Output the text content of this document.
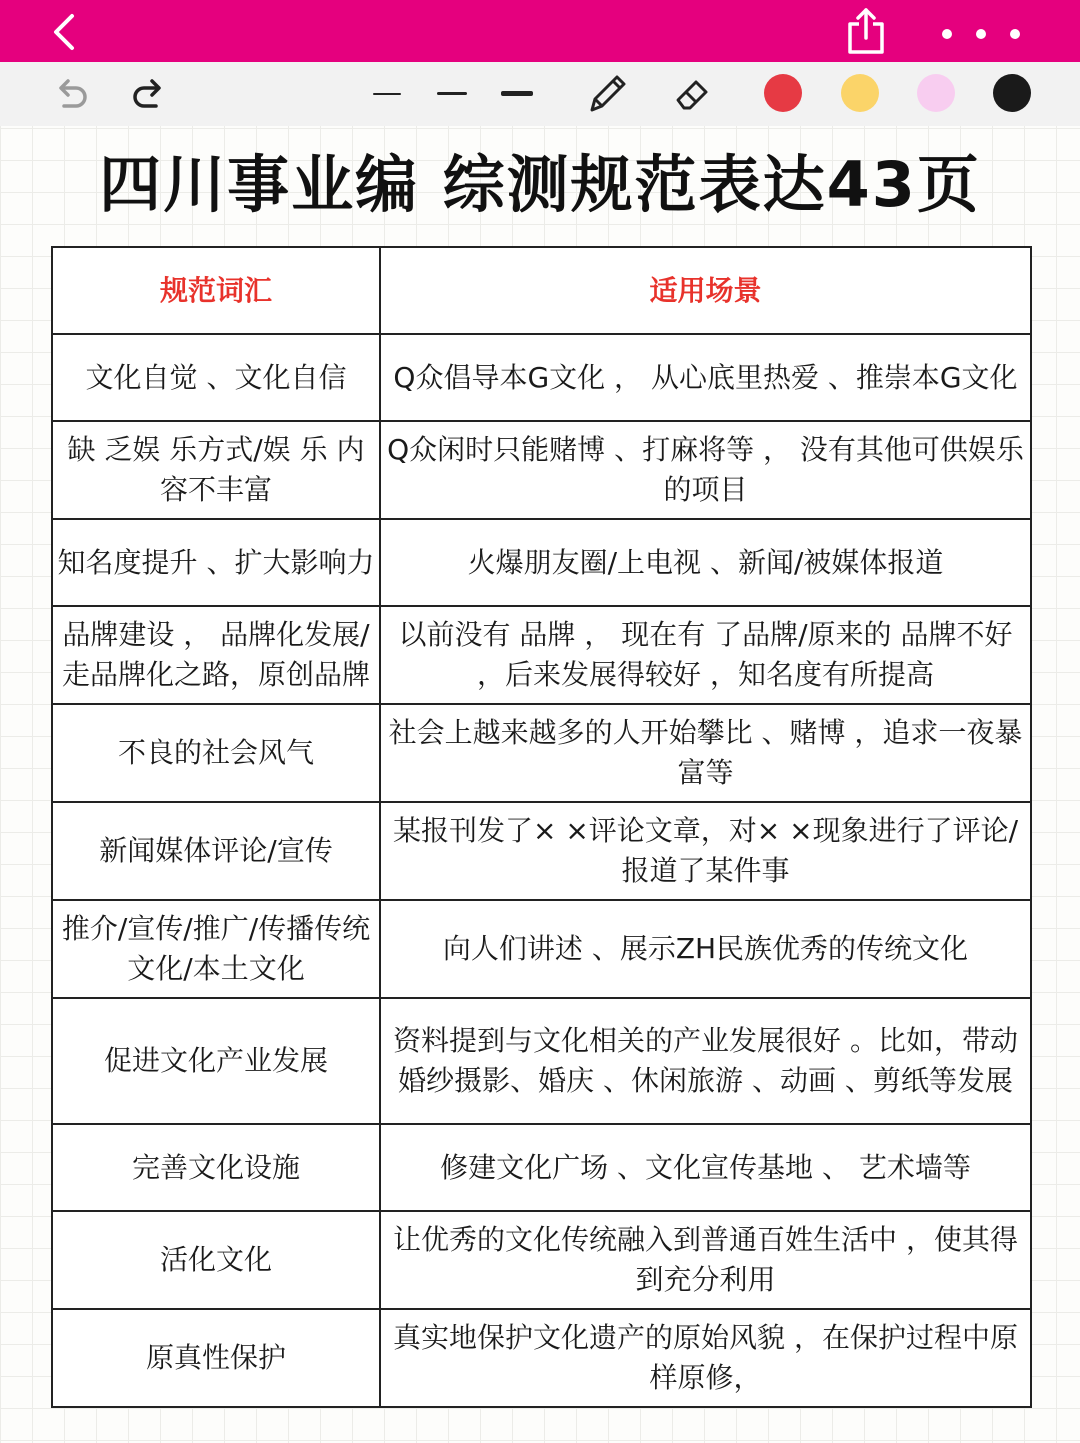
四川事业编 综测规范表达43页
规范词汇	适用场景
文化自觉 、文化自信	Q众倡导本G文化 ， 从心底里热爱 、推崇本G文化
缺 乏娱 乐方式/娱 乐 内容不丰富	Q众闲时只能赌博 、打麻将等 ， 没有其他可供娱乐的项目
知名度提升 、扩大影响力	火爆朋友圈/上电视 、新闻/被媒体报道
品牌建设 ， 品牌化发展/走品牌化之路，原创品牌	以前没有 品牌 ， 现在有 了品牌/原来的 品牌不好 ，后来发展得较好 ，知名度有所提高
不良的社会风气	社会上越来越多的人开始攀比 、赌博 ，追求一夜暴富等
新闻媒体评论/宣传	某报刊发了× ×评论文章，对× ×现象进行了评论/报道了某件事
推介/宣传/推广/传播传统文化/本土文化	向人们讲述 、展示ZH民族优秀的传统文化
促进文化产业发展	资料提到与文化相关的产业发展很好 。比如，带动婚纱摄影、婚庆 、休闲旅游 、动画 、剪纸等发展
完善文化设施	修建文化广场 、文化宣传基地 、 艺术墙等
活化文化	让优秀的文化传统融入到普通百姓生活中 ，使其得到充分利用
原真性保护	真实地保护文化遗产的原始风貌 ，在保护过程中原样原修，
